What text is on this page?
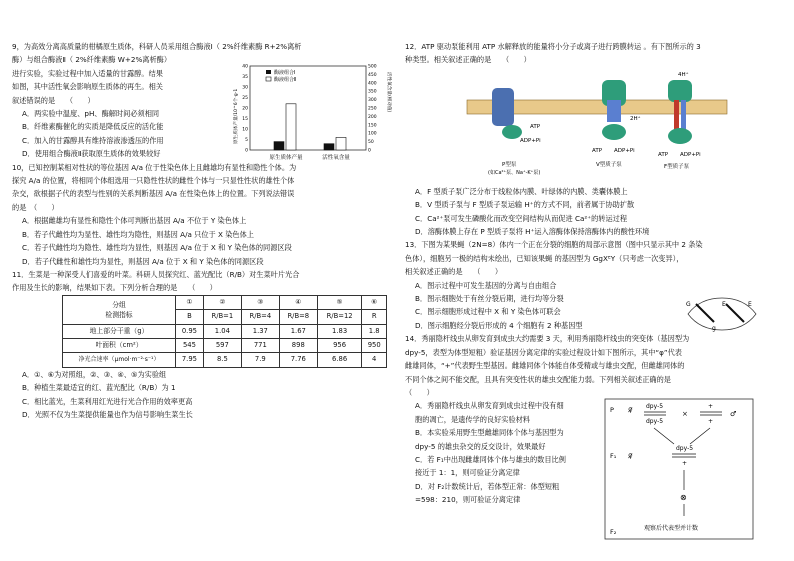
9，为高效分离高质量的柑橘原生质体，科研人员采用组合酶液Ⅰ（ 2%纤维素酶 R+2%离析
酶）与组合酶液Ⅱ（ 2%纤维素酶 W+2%离析酶）
进行实验，实验过程中加入适量的甘露醇。结果
如图，其中活性氧会影响原生质体的再生。相关
叙述错误的是　　（　　）
A．两实验中温度、pH、酶解时间必须相同
B．纤维素酶催化的实质是降低反应的活化能
C．加入的甘露醇具有维持溶液渗透压的作用
D．使用组合酶液Ⅱ获取原生质体的效果较好
10，已知控制某相对性状的等位基因 A/a 位于性染色体上且雌雄均有显性和隐性个体。为
探究 A/a 的位置，将相同个体组选用一只隐性性状的雌性个体与一只显性性状的雄性个体
杂交，欲根据子代的表型与性别的关系判断基因 A/a 在性染色体上的位置。下列说法错误
的是　（　　）
A．根据雌雄均有显性和隐性个体可判断出基因 A/a 不位于 Y 染色体上
B．若子代雌性均为显性、雄性均为隐性，则基因 A/a 只位于 X 染色体上
C．若子代雌性均为隐性、雄性均为显性，则基因 A/a 位于 X 和 Y 染色体的同源区段
D．若子代雌性和雄性均为显性，则基因 A/a 位于 X 和 Y 染色体的同源区段
11．生菜是一种深受人们喜爱的叶菜。科研人员探究红、蓝光配比（R/B）对生菜叶片光合
作用及生长的影响，结果如下表。下列分析合理的是　　（　　）
分组
检测指标	①	②	③	④	⑤	⑥
	B	R/B=1	R/B=4	R/B=8	R/B=12	R
地上部分干重（g）	0.95	1.04	1.37	1.67	1.83	1.8
叶面积（cm²）	545	597	771	898	956	950
净光合速率（μmol·m⁻²·s⁻¹）	7.95	8.5	7.9	7.76	6.86	4
A．①、⑥为对照组，②、③、④、⑤为实验组
B．种植生菜最适宜的红、蓝光配比（R/B）为 1
C．相比蓝光，生菜利用红光进行光合作用的效率更高
D．光照不仅为生菜提供能量也作为信号影响生菜生长
0
5
10
15
20
25
30
35
40
0
50
100
150
200
250
300
350
400
450
500
原生质体产量	活性氧含量
酶液组合Ⅰ
酶液组合Ⅱ
原生质体产量/10^6个·g-1	活性氧含量(相对值)
12．ATP 驱动泵能利用 ATP 水解释放的能量将小分子或离子进行跨膜转运 。有下图所示的 3
种类型。相关叙述正确的是　　（　　）
A．F 型质子泵广泛分布于线粒体内膜、叶绿体的内膜、类囊体膜上
B．V 型质子泵与 F 型质子泵运输 H⁺的方式不同，前者属于协助扩散
C．Ca²⁺泵可发生磷酸化而改变空间结构从而促进 Ca²⁺的转运过程
D．溶酶体膜上存在 P 型质子泵将 H⁺运入溶酶体保持溶酶体内的酸性环境
13．下图为某果蝇（2N=8）体内一个正在分裂的细胞的局部示意图（图中只显示其中 2 条染
色体），细胞另一极的结构未绘出，已知该果蝇 的基因型为 GgXᴱY（只考虑一次变异），
相关叙述正确的是　　（　　）
A．图示过程中可发生基因的分离与自由组合
B．图示细胞处于有丝分裂后期，进行均等分裂
C．图示细胞形成过程中 X 和 Y 染色体可联会
D．图示细胞经分裂后形成的 4 个细胞有 2 种基因型
14．秀丽隐杆线虫从卵发育到成虫大约需要 3 天，利用秀丽隐杆线虫的突变体（基因型为
dpy-5，表型为体型短粗）验证基因分离定律的实验过程设计如下图所示，其中“φ”代表
雌雄同体，“+”代表野生型基因。雌雄同体个体能自体受精或与雄虫交配，但雌雄同体的
不同个体之间不能交配，且具有突变性状的雄虫交配能力弱。下列相关叙述正确的是
（　　）
A．秀丽隐杆线虫从卵发育到成虫过程中没有细
胞的凋亡，是遗传学的良好实验材料
B．本实验采用野生型雌雄同体个体与基因型为
dpy-5 的雄虫杂交的反交设计，效果最好
C．若 F₁中出现雌雄同体个体与雄虫的数目比例
接近于 1：1，则可验证分离定律
D．对 F₂计数统计后，若体型正常：体型短粗
=598：210，则可验证分离定律
ATP
ADP+Pi
P型泵
(如Ca²⁺泵、Na⁺-K⁺泵)
2H⁺
ATP ADP+Pi
V型质子泵
4H⁺
ATP ADP+Pi
F型质子泵
G	E	E
g
P ♀̸ dpy-5
dpy-5
×
+
+
♂
F₁ ♀̸
dpy-5
+
⊗
F₂	观察后代表型并计数
